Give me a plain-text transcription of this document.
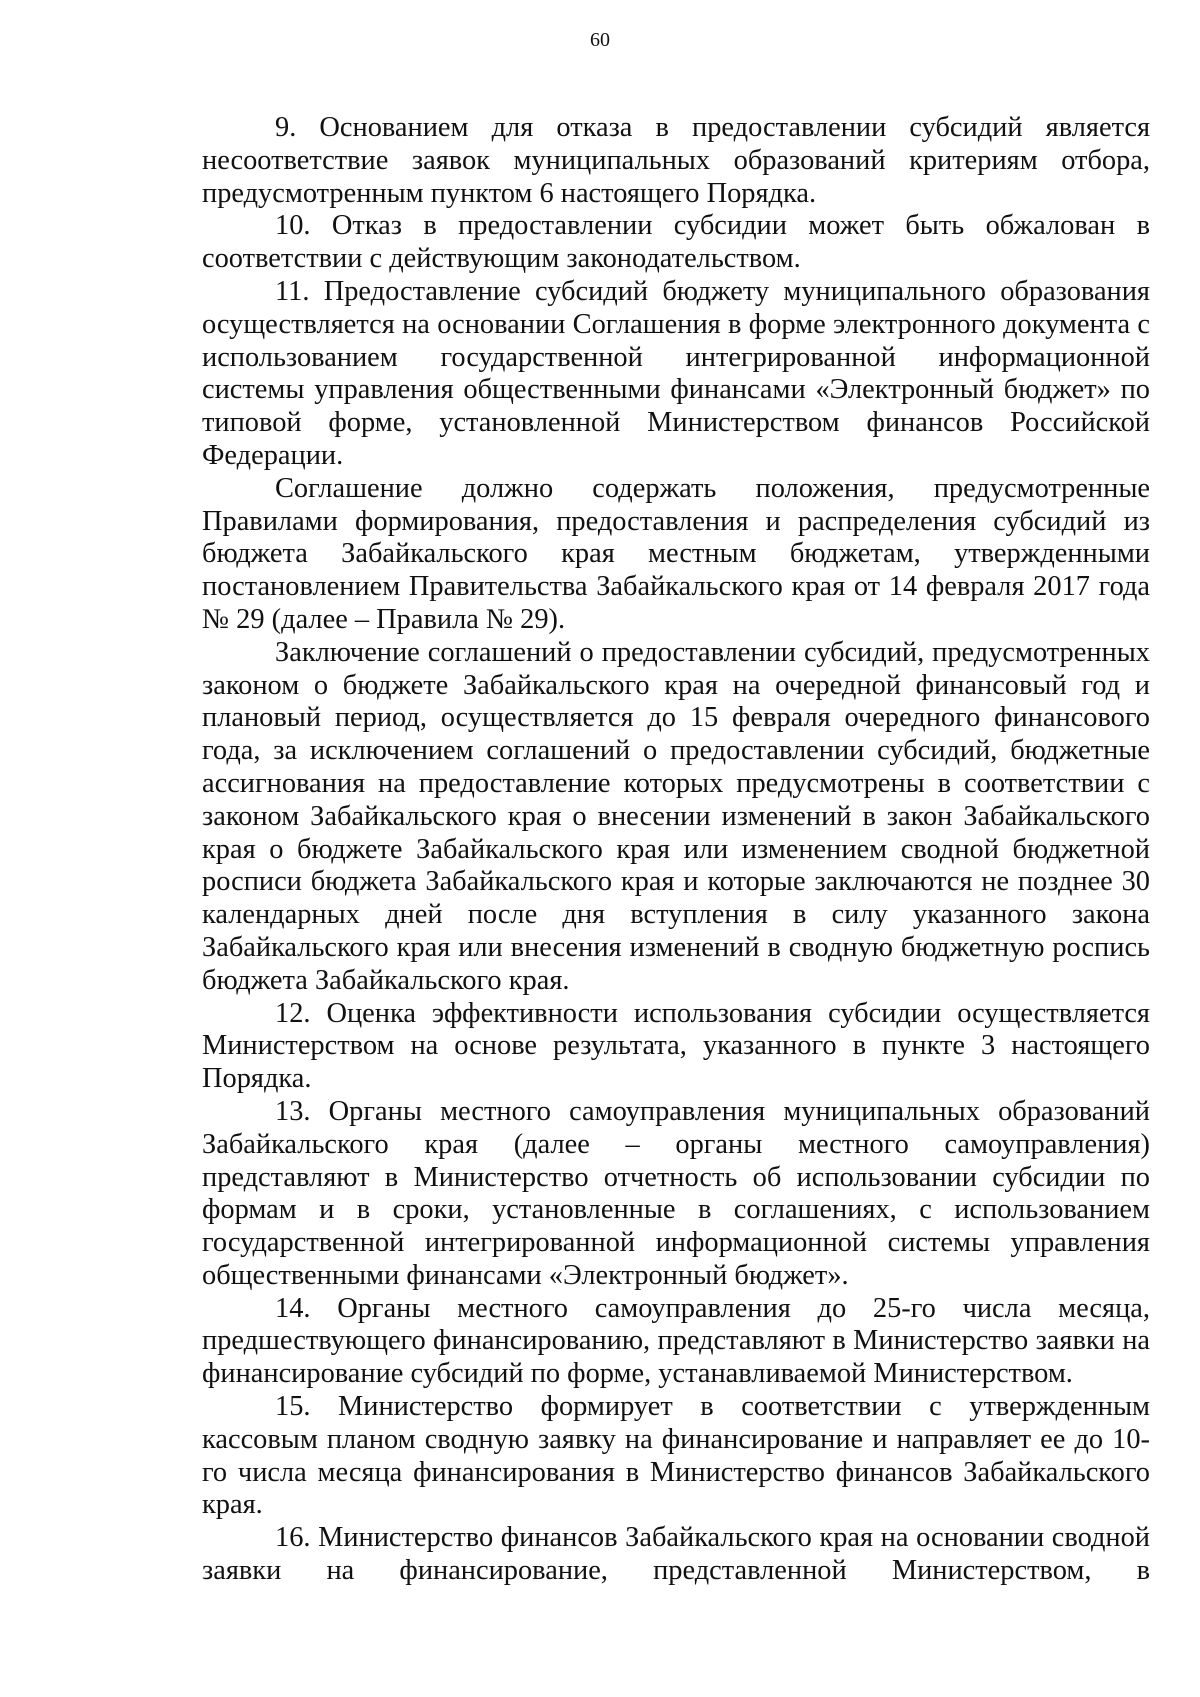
60

9. Основанием для отказа в предоставлении субсидий является несоответствие заявок муниципальных образований критериям отбора, предусмотренным пунктом 6 настоящего Порядка.

10. Отказ в предоставлении субсидии может быть обжалован в соответствии с действующим законодательством.

11. Предоставление субсидий бюджету муниципального образования осуществляется на основании Соглашения в форме электронного документа с использованием государственной интегрированной информационной системы управления общественными финансами «Электронный бюджет» по типовой форме, установленной Министерством финансов Российской Федерации.

Соглашение должно содержать положения, предусмотренные Правилами формирования, предоставления и распределения субсидий из бюджета Забайкальского края местным бюджетам, утвержденными постановлением Правительства Забайкальского края от 14 февраля 2017 года № 29 (далее – Правила № 29).

Заключение соглашений о предоставлении субсидий, предусмотренных законом о бюджете Забайкальского края на очередной финансовый год и плановый период, осуществляется до 15 февраля очередного финансового года, за исключением соглашений о предоставлении субсидий, бюджетные ассигнования на предоставление которых предусмотрены в соответствии с законом Забайкальского края о внесении изменений в закон Забайкальского края о бюджете Забайкальского края или изменением сводной бюджетной росписи бюджета Забайкальского края и которые заключаются не позднее 30 календарных дней после дня вступления в силу указанного закона Забайкальского края или внесения изменений в сводную бюджетную роспись бюджета Забайкальского края.

12. Оценка эффективности использования субсидии осуществляется Министерством на основе результата, указанного в пункте 3 настоящего Порядка.

13. Органы местного самоуправления муниципальных образований Забайкальского края (далее – органы местного самоуправления) представляют в Министерство отчетность об использовании субсидии по формам и в сроки, установленные в соглашениях, с использованием государственной интегрированной информационной системы управления общественными финансами «Электронный бюджет».

14. Органы местного самоуправления до 25-го числа месяца, предшествующего финансированию, представляют в Министерство заявки на финансирование субсидий по форме, устанавливаемой Министерством.

15. Министерство формирует в соответствии с утвержденным кассовым планом сводную заявку на финансирование и направляет ее до 10-го числа месяца финансирования в Министерство финансов Забайкальского края.

16. Министерство финансов Забайкальского края на основании сводной заявки на финансирование, представленной Министерством, в
